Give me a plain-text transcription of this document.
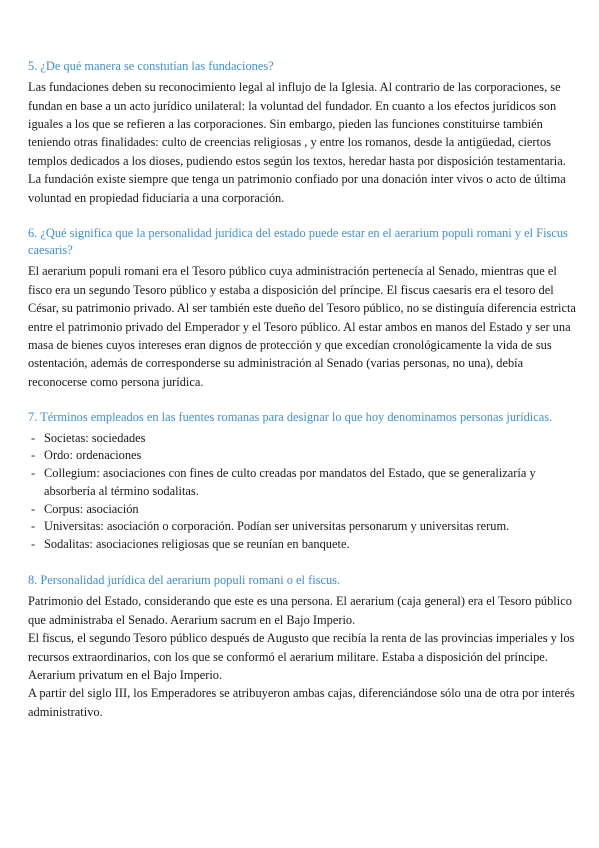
5. ¿De qué manera se constutían las fundaciones?

Las fundaciones deben su reconocimiento legal al influjo de la Iglesia. Al contrario de las corporaciones, se fundan en base a un acto jurídico unilateral: la voluntad del fundador. En cuanto a los efectos jurídicos son iguales a los que se refieren a las corporaciones. Sin embargo, pieden las funciones constituirse también teniendo otras finalidades: culto de creencias religiosas , y entre los romanos, desde la antigüedad, ciertos templos dedicados a los dioses, pudiendo estos según los textos, heredar hasta por disposición testamentaria. La fundación existe siempre que tenga un patrimonio confiado por una donación inter vivos o acto de última voluntad en propiedad fiduciaria a una corporación.

6. ¿Qué significa que la personalidad jurídica del estado puede estar en el aerarium populi romani y el Fiscus caesaris?

El aerarium populi romani era el Tesoro público cuya administración pertenecía al Senado, mientras que el fisco era un segundo Tesoro público y estaba a disposición del príncipe. El fiscus caesaris era el tesoro del César, su patrimonio privado. Al ser también este dueño del Tesoro público, no se distinguía diferencia estricta entre el patrimonio privado del Emperador y el Tesoro público. Al estar ambos en manos del Estado y ser una masa de bienes cuyos intereses eran dignos de protección y que excedían cronológicamente la vida de sus ostentación, además de corresponderse su administración al Senado (varias personas, no una), debía reconocerse como persona jurídica.

7. Términos empleados en las fuentes romanas para designar lo que hoy denominamos personas jurídicas.
- Societas: sociedades
- Ordo: ordenaciones
- Collegium: asociaciones con fines de culto creadas por mandatos del Estado, que se generalizaría y absorbería al término sodalitas.
- Corpus: asociación
- Universitas: asociación o corporación. Podían ser universitas personarum y universitas rerum.
- Sodalitas: asociaciones religiosas que se reunían en banquete.
8. Personalidad jurídica del aerarium populi romani o el fiscus.

Patrimonio del Estado, considerando que este es una persona. El aerarium (caja general) era el Tesoro público que administraba el Senado. Aerarium sacrum en el Bajo Imperio.

El fiscus, el segundo Tesoro público después de Augusto que recibía la renta de las provincias imperiales y los recursos extraordinarios, con los que se conformó el aerarium militare. Estaba a disposición del príncipe. Aerarium privatum en el Bajo Imperio.

A partir del siglo III, los Emperadores se atribuyeron ambas cajas, diferenciándose sólo una de otra por interés administrativo.
